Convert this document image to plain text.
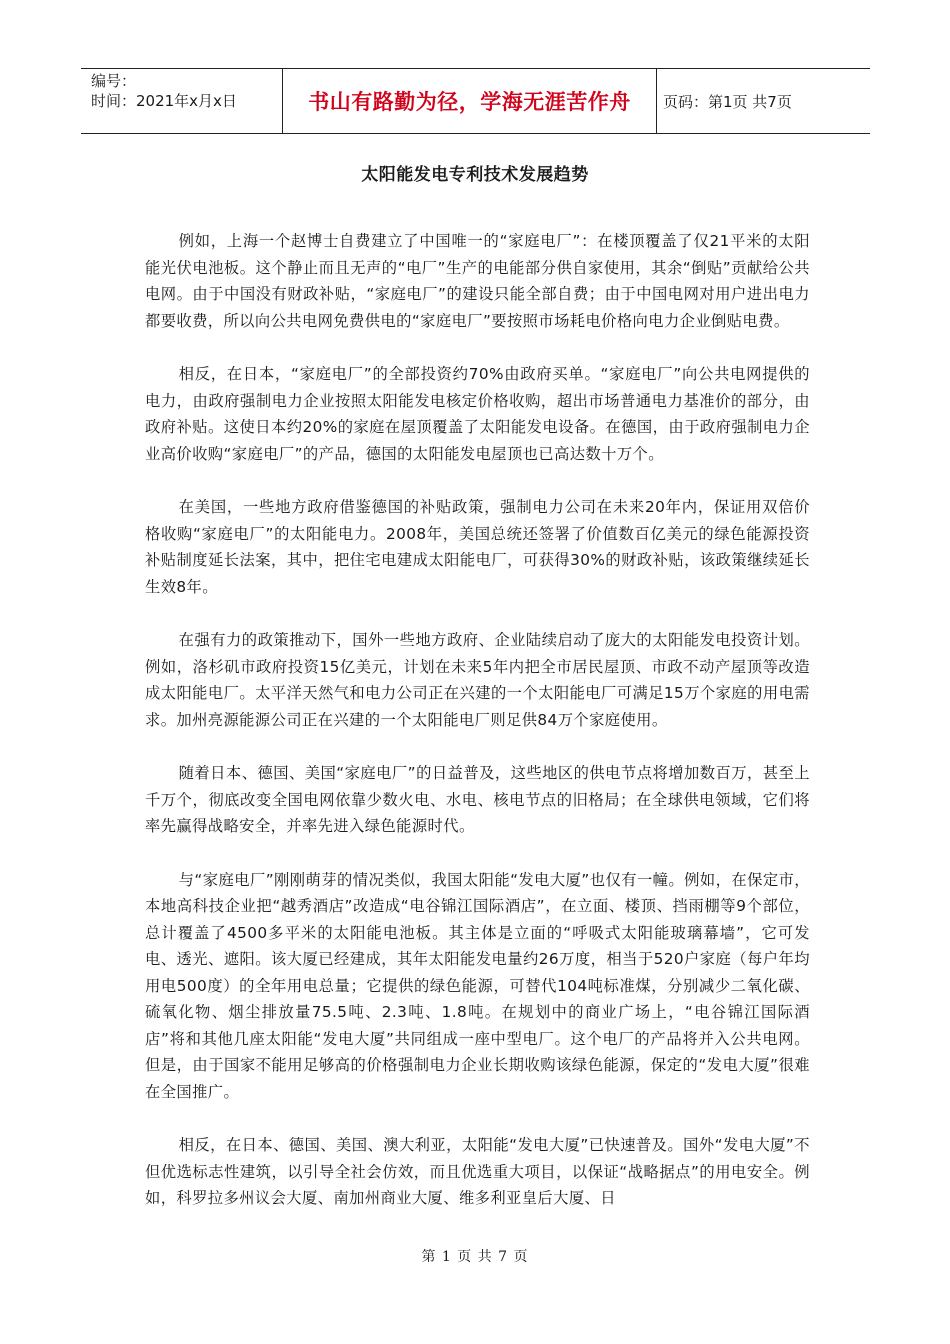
编号：
时间：2021年x月x日	书山有路勤为径，学海无涯苦作舟	页码：第1页 共7页
太阳能发电专利技术发展趋势

例如，上海一个赵博士自费建立了中国唯一的“家庭电厂”：在楼顶覆盖了仅21平米的太阳能光伏电池板。这个静止而且无声的“电厂”生产的电能部分供自家使用，其余“倒贴”贡献给公共电网。由于中国没有财政补贴，“家庭电厂”的建设只能全部自费；由于中国电网对用户进出电力都要收费，所以向公共电网免费供电的“家庭电厂”要按照市场耗电价格向电力企业倒贴电费。

相反，在日本，“家庭电厂”的全部投资约70%由政府买单。“家庭电厂”向公共电网提供的电力，由政府强制电力企业按照太阳能发电核定价格收购，超出市场普通电力基准价的部分，由政府补贴。这使日本约20%的家庭在屋顶覆盖了太阳能发电设备。在德国，由于政府强制电力企业高价收购“家庭电厂”的产品，德国的太阳能发电屋顶也已高达数十万个。

在美国，一些地方政府借鉴德国的补贴政策，强制电力公司在未来20年内，保证用双倍价格收购“家庭电厂”的太阳能电力。2008年，美国总统还签署了价值数百亿美元的绿色能源投资补贴制度延长法案，其中，把住宅电建成太阳能电厂，可获得30%的财政补贴，该政策继续延长生效8年。

在强有力的政策推动下，国外一些地方政府、企业陆续启动了庞大的太阳能发电投资计划。例如，洛杉矶市政府投资15亿美元，计划在未来5年内把全市居民屋顶、市政不动产屋顶等改造成太阳能电厂。太平洋天然气和电力公司正在兴建的一个太阳能电厂可满足15万个家庭的用电需求。加州亮源能源公司正在兴建的一个太阳能电厂则足供84万个家庭使用。

随着日本、德国、美国“家庭电厂”的日益普及，这些地区的供电节点将增加数百万，甚至上千万个，彻底改变全国电网依靠少数火电、水电、核电节点的旧格局；在全球供电领域，它们将率先赢得战略安全，并率先进入绿色能源时代。

与“家庭电厂”刚刚萌芽的情况类似，我国太阳能“发电大厦”也仅有一幢。例如，在保定市，本地高科技企业把“越秀酒店”改造成“电谷锦江国际酒店”，在立面、楼顶、挡雨棚等9个部位，总计覆盖了4500多平米的太阳能电池板。其主体是立面的“呼吸式太阳能玻璃幕墙”，它可发电、透光、遮阳。该大厦已经建成，其年太阳能发电量约26万度，相当于520户家庭（每户年均用电500度）的全年用电总量；它提供的绿色能源，可替代104吨标准煤，分别减少二氧化碳、硫氧化物、烟尘排放量75.5吨、2.3吨、1.8吨。在规划中的商业广场上，“电谷锦江国际酒店”将和其他几座太阳能“发电大厦”共同组成一座中型电厂。这个电厂的产品将并入公共电网。但是，由于国家不能用足够高的价格强制电力企业长期收购该绿色能源，保定的“发电大厦”很难在全国推广。

相反，在日本、德国、美国、澳大利亚，太阳能“发电大厦”已快速普及。国外“发电大厦”不但优选标志性建筑，以引导全社会仿效，而且优选重大项目，以保证“战略据点”的用电安全。例如，科罗拉多州议会大厦、南加州商业大厦、维多利亚皇后大厦、日

第 1 页 共 7 页
